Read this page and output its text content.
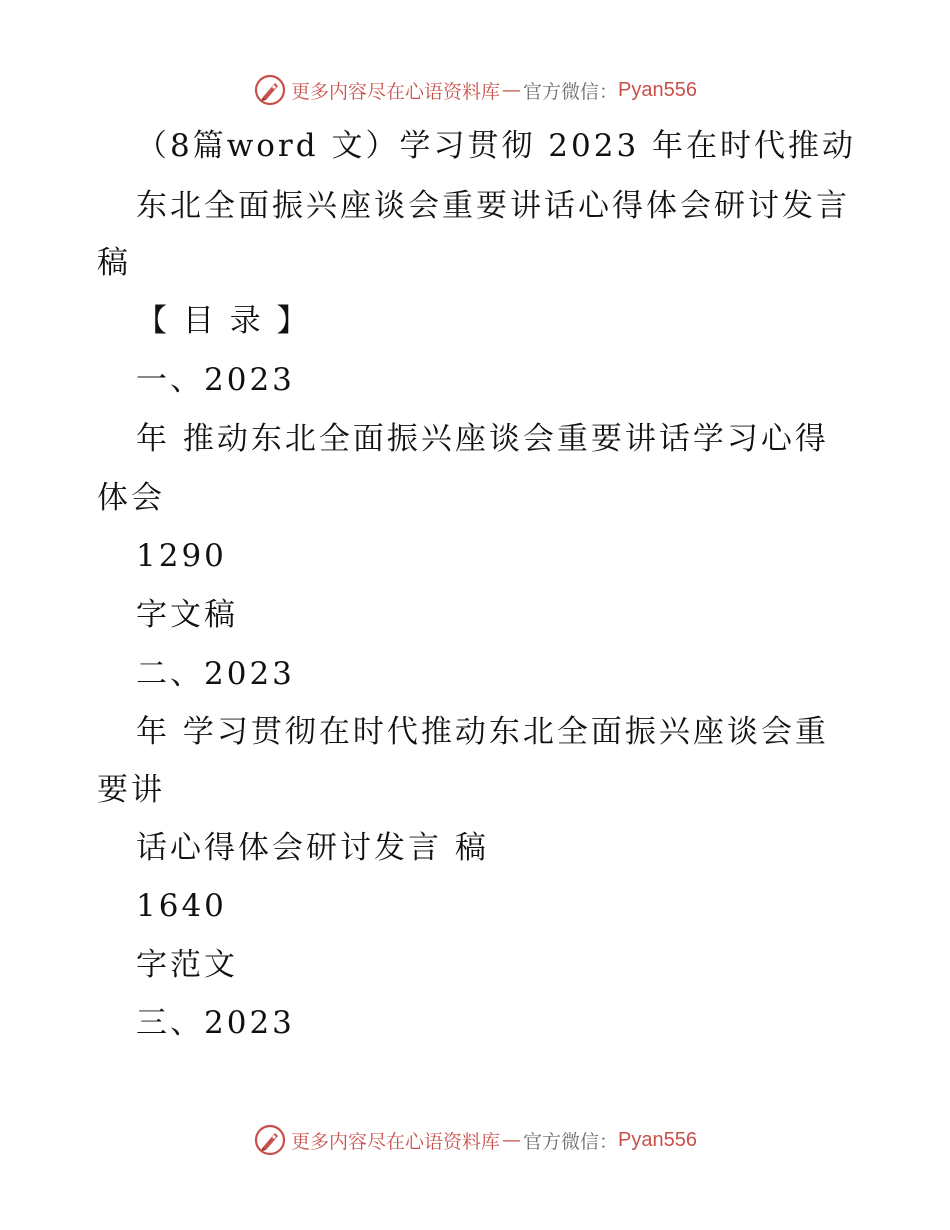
更多内容尽在心语资料库 — 官方微信： Pyan556
（8篇word 文）学习贯彻 2023 年在时代推动
东北全面振兴座谈会重要讲话心得体会研讨发言
稿
【 目 录 】
一、2023
年 推动东北全面振兴座谈会重要讲话学习心得
体会
1290
字文稿
二、2023
年 学习贯彻在时代推动东北全面振兴座谈会重
要讲
话心得体会研讨发言 稿
1640
字范文
三、2023
更多内容尽在心语资料库 — 官方微信： Pyan556
